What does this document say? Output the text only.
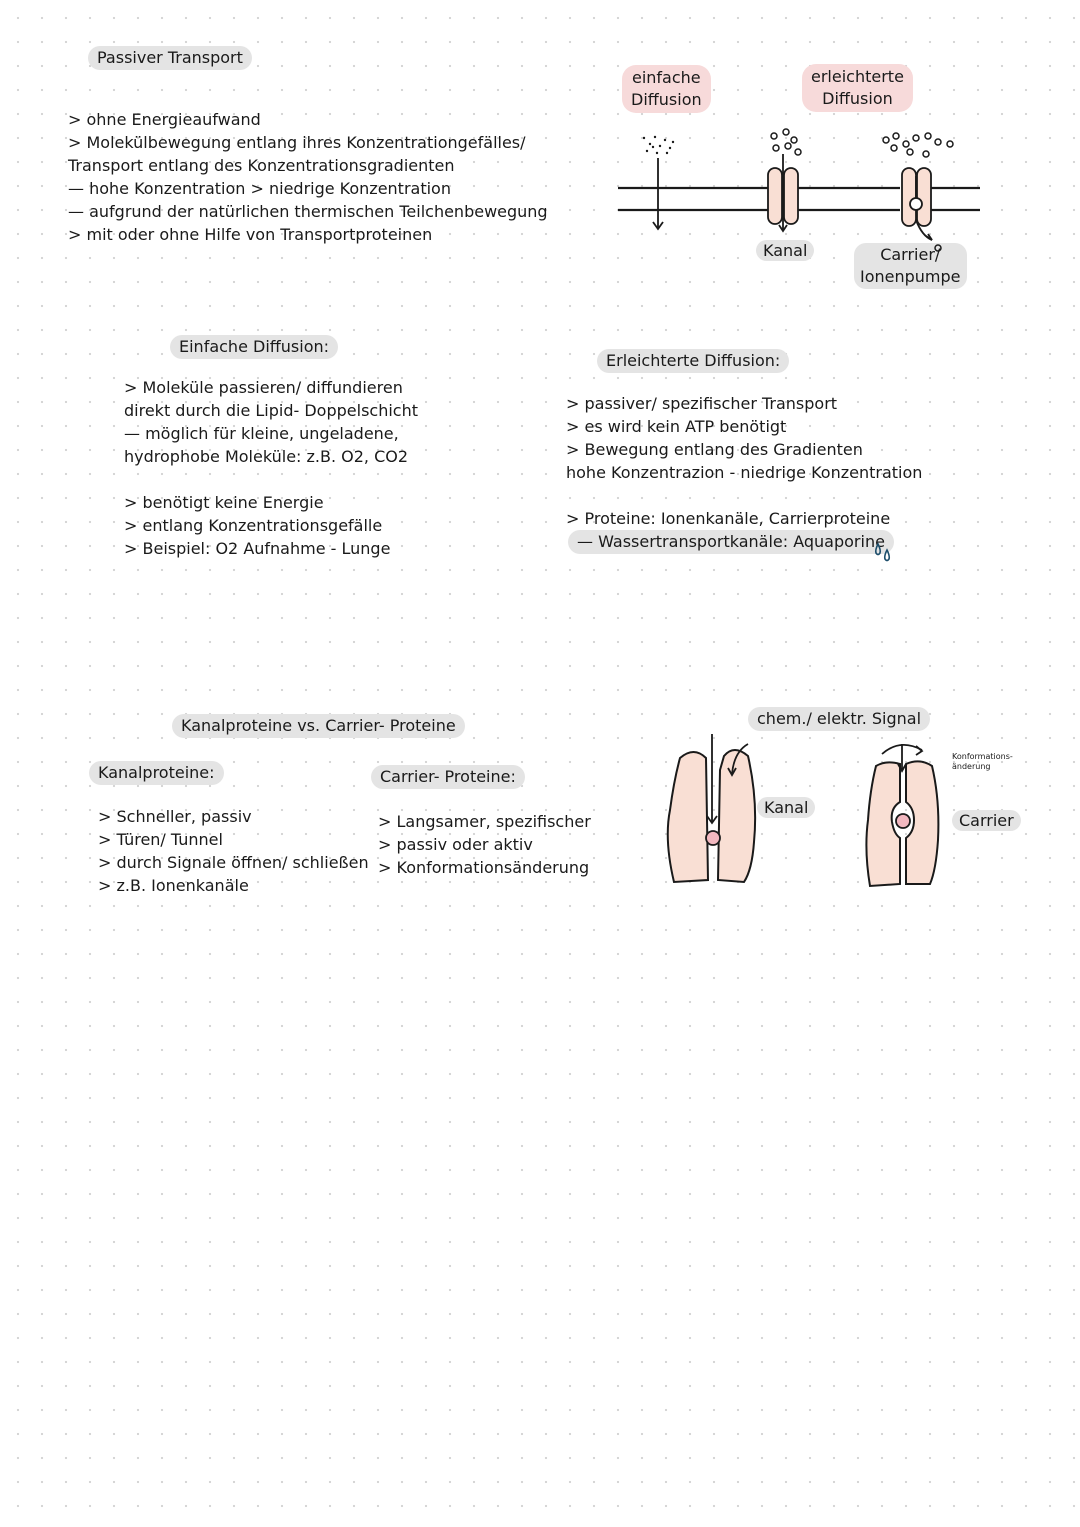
Passiver Transport
> ohne Energieaufwand
> Molekülbewegung entlang ihres Konzentrationgefälles/
Transport entlang des Konzentrationsgradienten
— hohe Konzentration > niedrige Konzentration
— aufgrund der natürlichen thermischen Teilchenbewegung
> mit oder ohne Hilfe von Transportproteinen
einfache
Diffusion
erleichterte
Diffusion
Kanal	Carrier/
Ionenpumpe
Einfache Diffusion:
> Moleküle passieren/ diffundieren
direkt durch die Lipid- Doppelschicht
— möglich für kleine, ungeladene,
hydrophobe Moleküle: z.B. O2, CO2
> benötigt keine Energie
> entlang Konzentrationsgefälle
> Beispiel: O2 Aufnahme - Lunge
Erleichterte Diffusion:
> passiver/ spezifischer Transport
> es wird kein ATP benötigt
> Bewegung entlang des Gradienten
hohe Konzentrazion - niedrige Konzentration
> Proteine: Ionenkanäle, Carrierproteine
— Wassertransportkanäle: Aquaporine
Kanalproteine vs. Carrier- Proteine
Kanalproteine:
> Schneller, passiv
> Türen/ Tunnel
> durch Signale öffnen/ schließen
> z.B. Ionenkanäle
Carrier- Proteine:
> Langsamer, spezifischer
> passiv oder aktiv
> Konformationsänderung
chem./ elektr. Signal
Konformations-
änderung
Kanal
Carrier
